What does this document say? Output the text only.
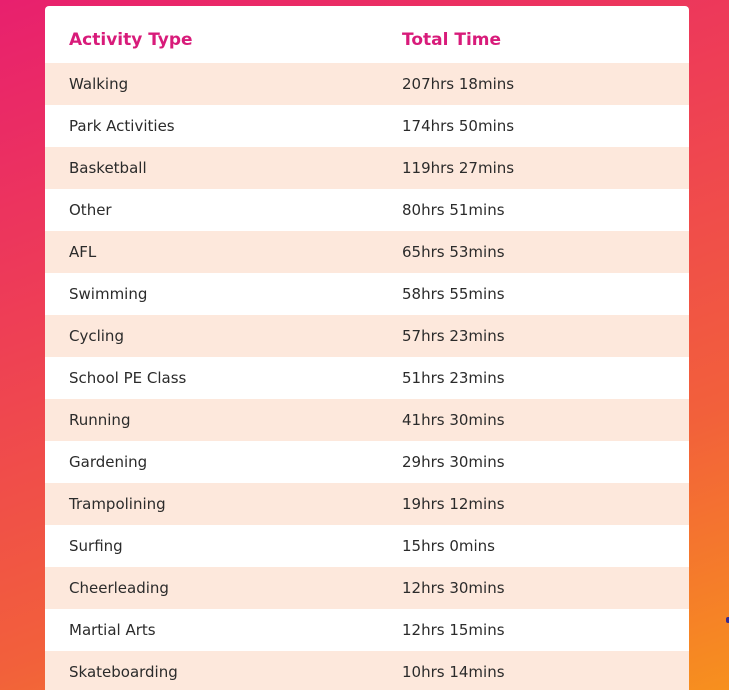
Activity Type	Total Time
Walking	207hrs 18mins
Park Activities	174hrs 50mins
Basketball	119hrs 27mins
Other	80hrs 51mins
AFL	65hrs 53mins
Swimming	58hrs 55mins
Cycling	57hrs 23mins
School PE Class	51hrs 23mins
Running	41hrs 30mins
Gardening	29hrs 30mins
Trampolining	19hrs 12mins
Surfing	15hrs 0mins
Cheerleading	12hrs 30mins
Martial Arts	12hrs 15mins
Skateboarding	10hrs 14mins
